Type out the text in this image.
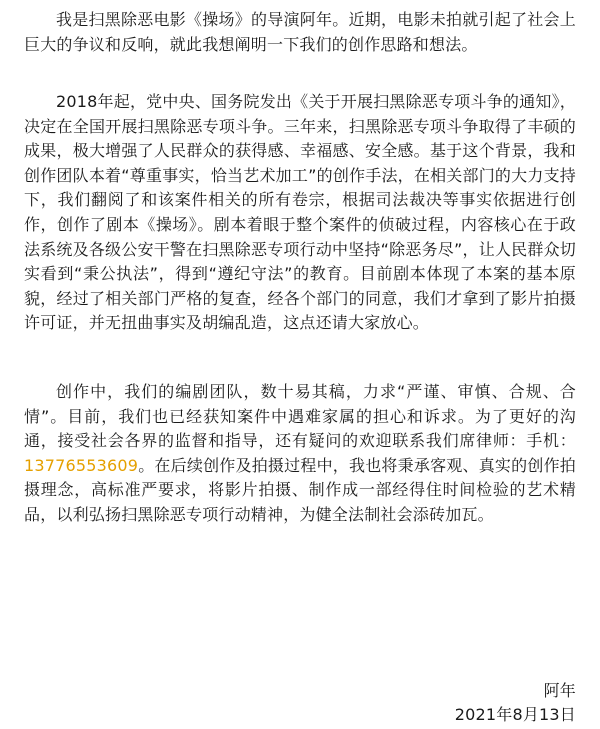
我是扫黑除恶电影《操场》的导演阿年。近期，电影未拍就引起了社会上巨大的争议和反响，就此我想阐明一下我们的创作思路和想法。

2018年起，党中央、国务院发出《关于开展扫黑除恶专项斗争的通知》，决定在全国开展扫黑除恶专项斗争。三年来，扫黑除恶专项斗争取得了丰硕的成果，极大增强了人民群众的获得感、幸福感、安全感。基于这个背景，我和创作团队本着“尊重事实，恰当艺术加工”的创作手法，在相关部门的大力支持下，我们翻阅了和该案件相关的所有卷宗，根据司法裁决等事实依据进行创作，创作了剧本《操场》。剧本着眼于整个案件的侦破过程，内容核心在于政法系统及各级公安干警在扫黑除恶专项行动中坚持“除恶务尽”，让人民群众切实看到“秉公执法”，得到“遵纪守法”的教育。目前剧本体现了本案的基本原貌，经过了相关部门严格的复查，经各个部门的同意，我们才拿到了影片拍摄许可证，并无扭曲事实及胡编乱造，这点还请大家放心。

创作中，我们的编剧团队，数十易其稿，力求“严谨、审慎、合规、合情”。目前，我们也已经获知案件中遇难家属的担心和诉求。为了更好的沟通，接受社会各界的监督和指导，还有疑问的欢迎联系我们席律师：手机：13776553609。在后续创作及拍摄过程中，我也将秉承客观、真实的创作拍摄理念，高标准严要求，将影片拍摄、制作成一部经得住时间检验的艺术精品，以利弘扬扫黑除恶专项行动精神，为健全法制社会添砖加瓦。

阿年
2021年8月13日
